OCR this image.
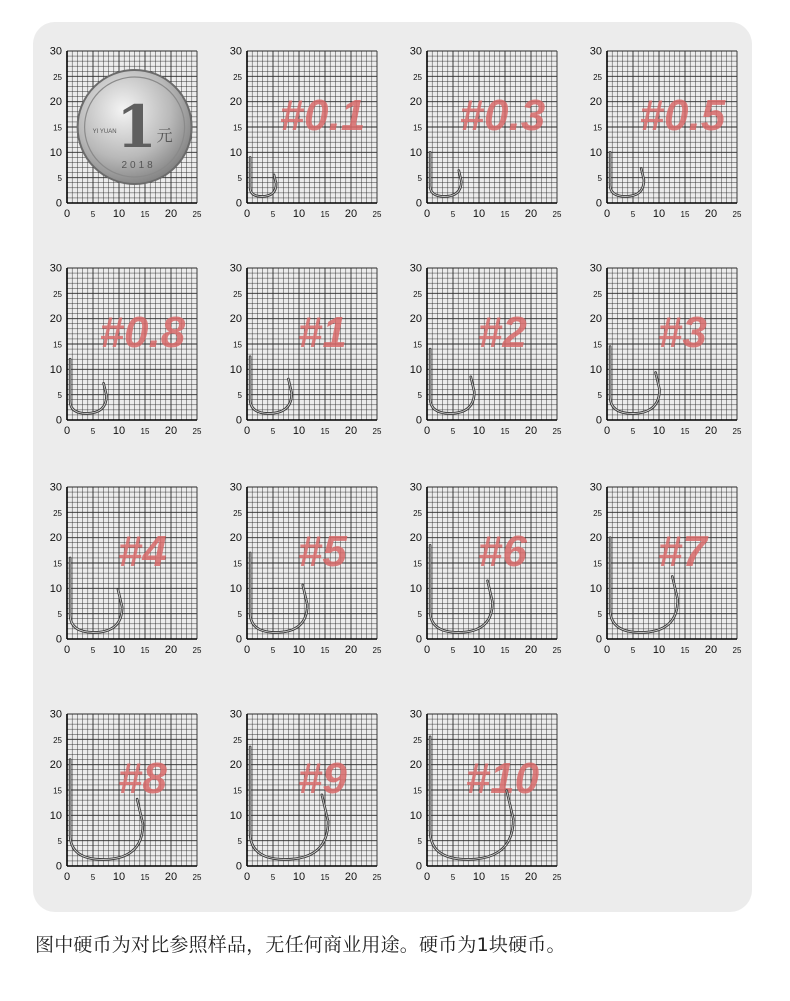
0
5
10
15
20
25
30
0	5 10 15 20 25
1 元
2018
YI YUAN
0
5
10
15
20
25
30
0	5 10 15 20 25
#0.1
0
5
10
15
20
25
30
0	5 10 15 20 25
#0.3
0
5
10
15
20
25
30
0	5 10 15 20 25
#0.5
0
5
10
15
20
25
30
0	5 10 15 20 25
#0.8
0
5
10
15
20
25
30
0	5 10 15 20 25
#1
0
5
10
15
20
25
30
0	5 10 15 20 25
#2
0
5
10
15
20
25
30
0	5 10 15 20 25
#3
0
5
10
15
20
25
30
0	5 10 15 20 25
#4
0
5
10
15
20
25
30
0	5 10 15 20 25
#5
0
5
10
15
20
25
30
0	5 10 15 20 25
#6
0
5
10
15
20
25
30
0	5 10 15 20 25
#7
0
5
10
15
20
25
30
0	5 10 15 20 25
#8
0
5
10
15
20
25
30
0	5 10 15 20 25
#9
0
5
10
15
20
25
30
0	5 10 15 20 25
#10
图中硬币为对比参照样品，无任何商业用途。硬币为1块硬币。
